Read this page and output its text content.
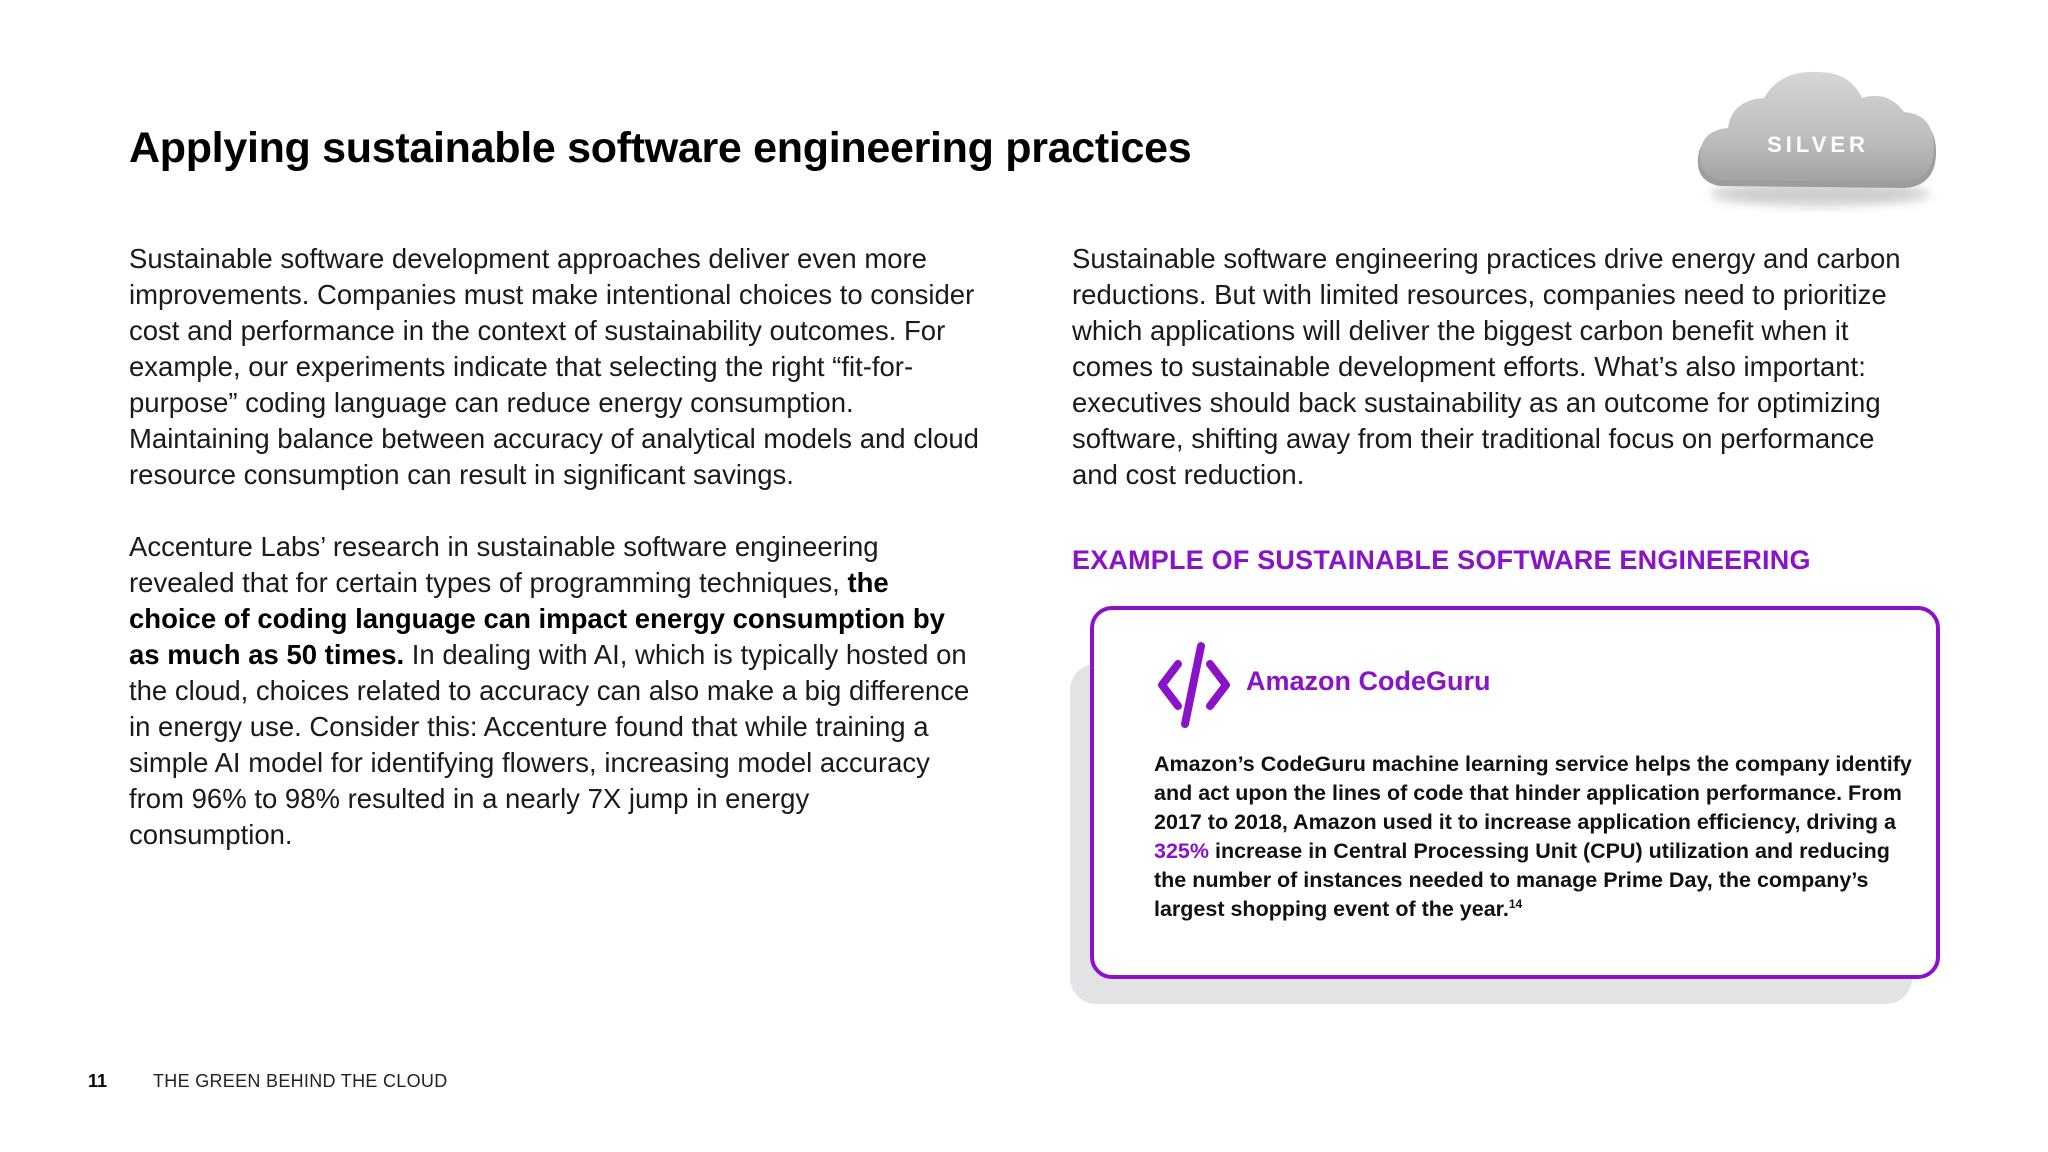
Applying sustainable software engineering practices	SILVER

Sustainable software development approaches deliver even more improvements. Companies must make intentional choices to consider cost and performance in the context of sustainability outcomes. For example, our experiments indicate that selecting the right “fit-for-purpose” coding language can reduce energy consumption. Maintaining balance between accuracy of analytical models and cloud resource consumption can result in significant savings.

Accenture Labs’ research in sustainable software engineering revealed that for certain types of programming techniques, the choice of coding language can impact energy consumption by as much as 50 times. In dealing with AI, which is typically hosted on the cloud, choices related to accuracy can also make a big difference in energy use. Consider this: Accenture found that while training a simple AI model for identifying flowers, increasing model accuracy from 96% to 98% resulted in a nearly 7X jump in energy consumption.

Sustainable software engineering practices drive energy and carbon reductions. But with limited resources, companies need to prioritize which applications will deliver the biggest carbon benefit when it comes to sustainable development efforts. What’s also important: executives should back sustainability as an outcome for optimizing software, shifting away from their traditional focus on performance and cost reduction.

EXAMPLE OF SUSTAINABLE SOFTWARE ENGINEERING
Amazon CodeGuru
Amazon’s CodeGuru machine learning service helps the company identify and act upon the lines of code that hinder application performance. From 2017 to 2018, Amazon used it to increase application efficiency, driving a 325% increase in Central Processing Unit (CPU) utilization and reducing the number of instances needed to manage Prime Day, the company’s largest shopping event of the year.$^{14}$
11	THE GREEN BEHIND THE CLOUD
